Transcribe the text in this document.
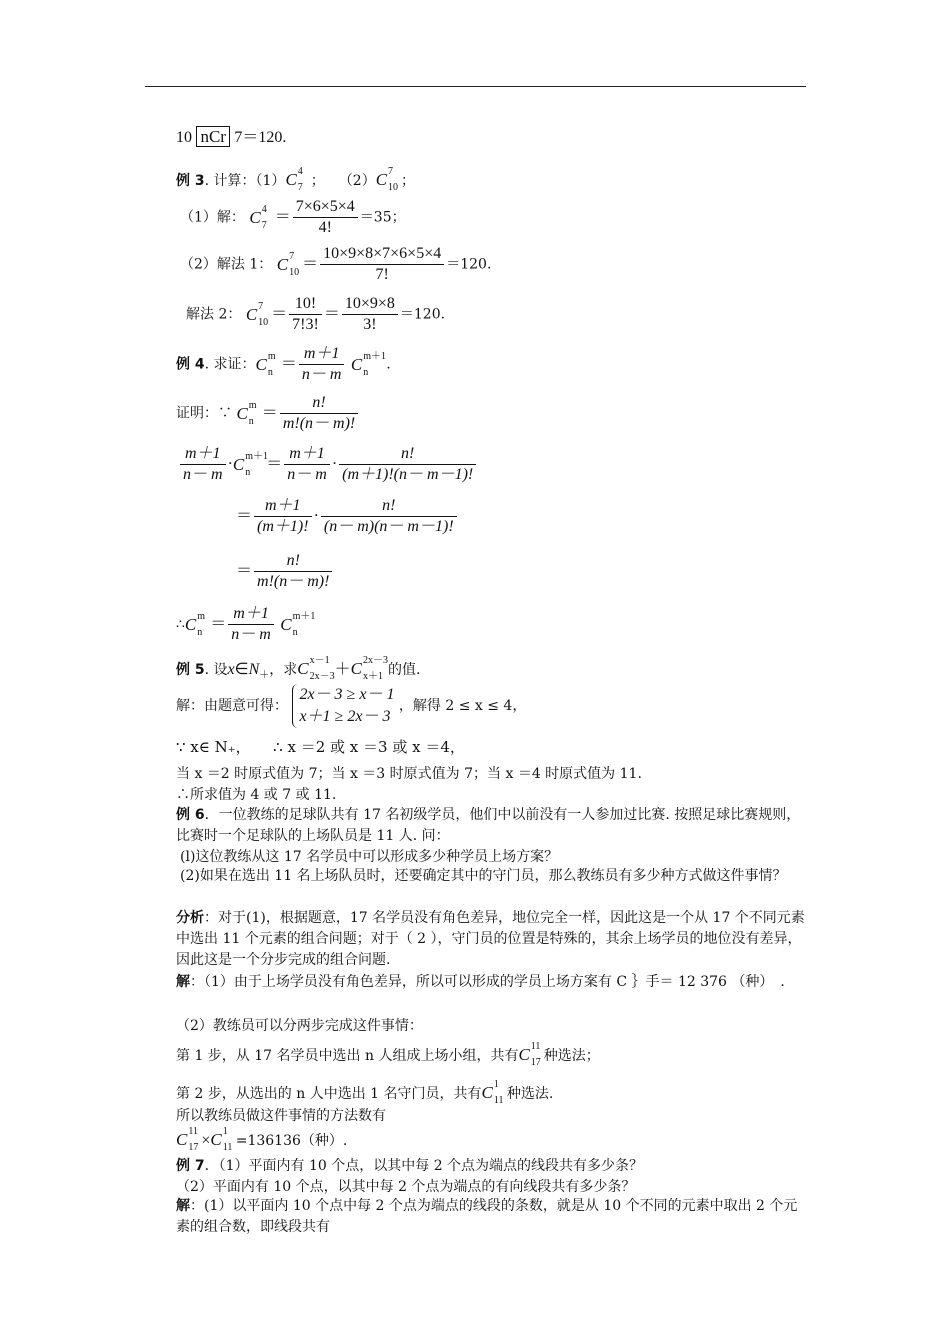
10 nCr 7＝120.
例 3. 计算：（1）C 4
7 ；　　（2）C 7
10 ；
（1）解： C 4
$7 = \frac{7\times 6\times 5\times 4}{4!} =35$；
（2）解法 1： C 7
$10 = \frac{10\times 9\times 8\times 7\times 6\times 5\times 4}{7!} =120$.
解法 2： C 7
$10 = \frac{10!}{7!3!} = \frac{10\times 9\times 8}{3!} =120$.
例 4. 求证：C m
$n = \frac{m+1}{n- m}$ C m＋1
n .
证明：∵ C m
$n = \frac{n!}{m!(n- m)!}$
$\frac{m+1}{n- m} \cdot C$ m＋1
$n = \frac{m+1}{n- m} \cdot \frac{n!}{(m+1)!(n- m-1)!}$
＝ $\frac{m+1}{(m+1)!} \cdot \frac{n!}{(n- m)(n- m-1)!}$
＝ $\frac{n!}{m!(n- m)!}$
∴C m
$n = \frac{m+1}{n- m}$ C m＋1
n
例 5. 设$x\in N_+$，求C x－1
2x－3 ＋C 2x－3
x＋1 的值.
解：由题意可得：
2x－ 3 ≥ x－ 1
x＋1 ≥ 2x－ 3
，解得 2 ≤ x ≤ 4，
∵ x∈ N₊，　　∴ x ＝2 或 x ＝3 或 x ＝4，
当 x ＝2 时原式值为 7；当 x ＝3 时原式值为 7；当 x ＝4 时原式值为 11.
∴所求值为 4 或 7 或 11.
例 6．一位教练的足球队共有 17 名初级学员，他们中以前没有一人参加过比赛. 按照足球比赛规则，比赛时一个足球队的上场队员是 11 人. 问：
(l)这位教练从这 17 名学员中可以形成多少种学员上场方案？
(2)如果在选出 11 名上场队员时，还要确定其中的守门员，那么教练员有多少种方式做这件事情？
分析：对于(1)，根据题意，17 名学员没有角色差异，地位完全一样，因此这是一个从 17 个不同元素中选出 11 个元素的组合问题；对于（ 2 ），守门员的位置是特殊的，其余上场学员的地位没有差异，因此这是一个分步完成的组合问题.
解：（1）由于上场学员没有角色差异，所以可以形成的学员上场方案有 C ｝手＝ 12 376 （种）　.
（2）教练员可以分两步完成这件事情：
第 1 步，从 17 名学员中选出 n 人组成上场小组，共有C 11
17 种选法；
第 2 步，从选出的 n 人中选出 1 名守门员，共有C 1
11 种选法.
所以教练员做这件事情的方法数有
C 11
17 ×C 1
11 =136136（种）.
例 7．（1）平面内有 10 个点，以其中每 2 个点为端点的线段共有多少条？
（2）平面内有 10 个点，以其中每 2 个点为端点的有向线段共有多少条？
解：(1）以平面内 10 个点中每 2 个点为端点的线段的条数，就是从 10 个不同的元素中取出 2 个元素的组合数，即线段共有
